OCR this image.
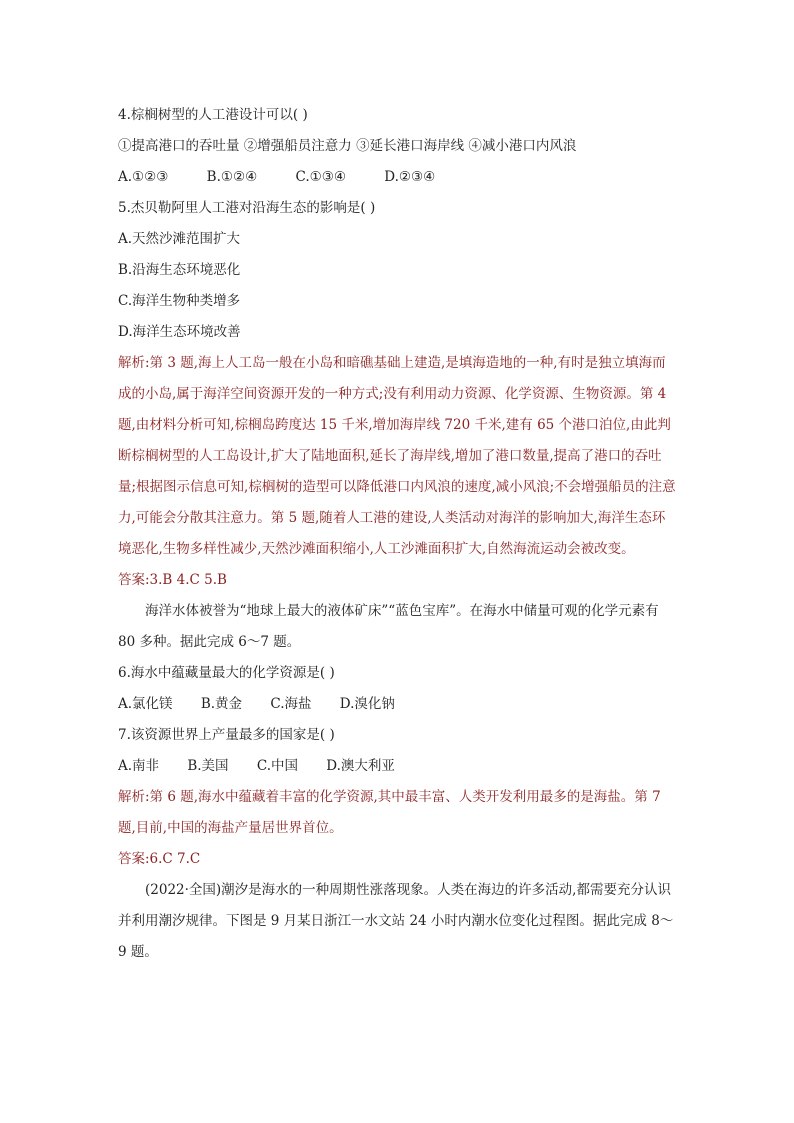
4.棕榈树型的人工港设计可以( )
①提高港口的吞吐量 ②增强船员注意力 ③延长港口海岸线 ④减小港口内风浪
A.①②③	B.①②④	C.①③④	D.②③④
5.杰贝勒阿里人工港对沿海生态的影响是( )
A.天然沙滩范围扩大
B.沿海生态环境恶化
C.海洋生物种类增多
D.海洋生态环境改善
解析:第 3 题,海上人工岛一般在小岛和暗礁基础上建造,是填海造地的一种,有时是独立填海而成的小岛,属于海洋空间资源开发的一种方式;没有利用动力资源、化学资源、生物资源。第 4 题,由材料分析可知,棕榈岛跨度达 15 千米,增加海岸线 720 千米,建有 65 个港口泊位,由此判断棕榈树型的人工岛设计,扩大了陆地面积,延长了海岸线,增加了港口数量,提高了港口的吞吐量;根据图示信息可知,棕榈树的造型可以降低港口内风浪的速度,减小风浪;不会增强船员的注意力,可能会分散其注意力。第 5 题,随着人工港的建设,人类活动对海洋的影响加大,海洋生态环境恶化,生物多样性减少,天然沙滩面积缩小,人工沙滩面积扩大,自然海流运动会被改变。
答案:3.B 4.C 5.B
海洋水体被誉为“地球上最大的液体矿床”“蓝色宝库”。在海水中储量可观的化学元素有 80 多种。据此完成 6～7 题。
6.海水中蕴藏量最大的化学资源是( )
A.氯化镁 B.黄金 C.海盐 D.溴化钠
7.该资源世界上产量最多的国家是( )
A.南非 B.美国 C.中国 D.澳大利亚
解析:第 6 题,海水中蕴藏着丰富的化学资源,其中最丰富、人类开发利用最多的是海盐。第 7 题,目前,中国的海盐产量居世界首位。
答案:6.C 7.C
(2022·全国)潮汐是海水的一种周期性涨落现象。人类在海边的许多活动,都需要充分认识并利用潮汐规律。下图是 9 月某日浙江一水文站 24 小时内潮水位变化过程图。据此完成 8～9 题。
